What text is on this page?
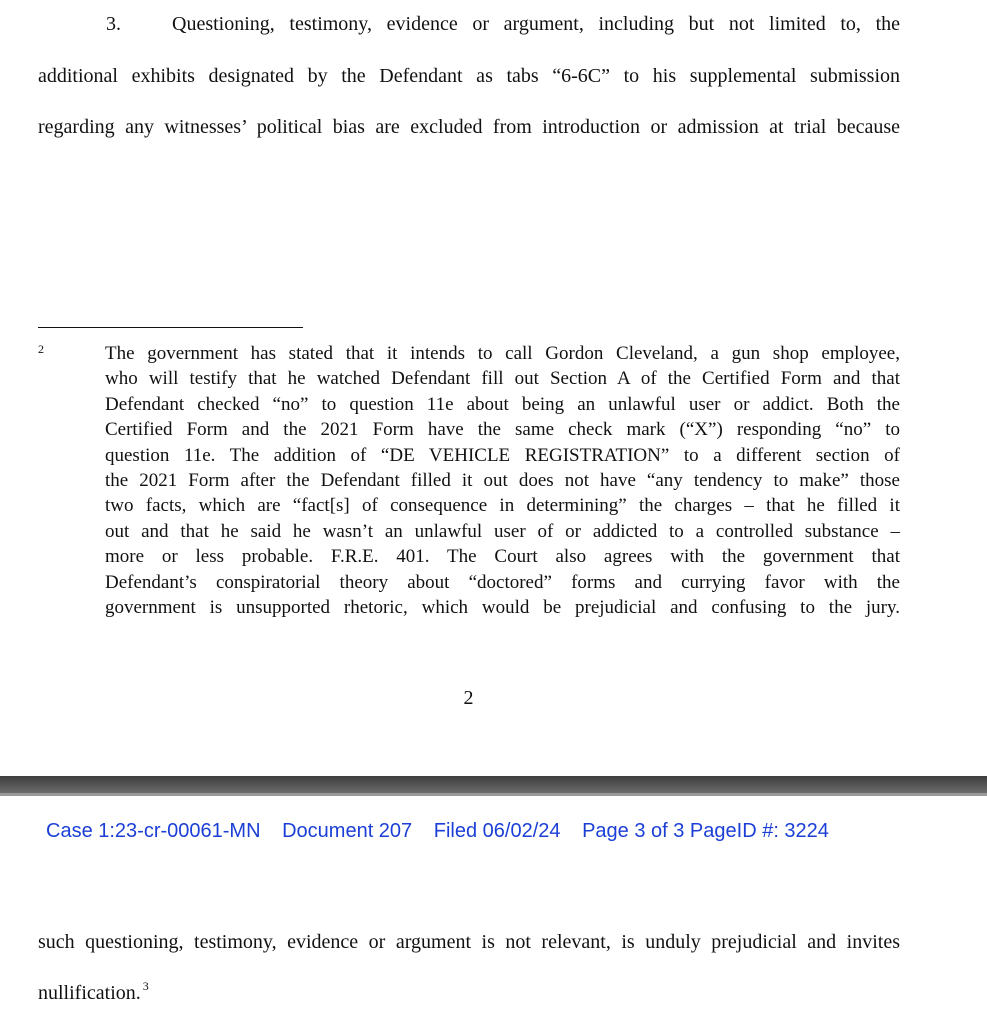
3.	Questioning, testimony, evidence or argument, including but not limited to, the
additional exhibits designated by the Defendant as tabs “6-6C” to his supplemental submission
regarding any witnesses’ political bias are excluded from introduction or admission at trial because
2	The government has stated that it intends to call Gordon Cleveland, a gun shop employee,
who will testify that he watched Defendant fill out Section A of the Certified Form and that
Defendant checked “no” to question 11e about being an unlawful user or addict. Both the
Certified Form and the 2021 Form have the same check mark (“X”) responding “no” to
question 11e. The addition of “DE VEHICLE REGISTRATION” to a different section of
the 2021 Form after the Defendant filled it out does not have “any tendency to make” those
two facts, which are “fact[s] of consequence in determining” the charges – that he filled it
out and that he said he wasn’t an unlawful user of or addicted to a controlled substance –
more or less probable. F.R.E. 401. The Court also agrees with the government that
Defendant’s conspiratorial theory about “doctored” forms and currying favor with the
government is unsupported rhetoric, which would be prejudicial and confusing to the jury.
2
Case 1:23-cr-00061-MN Document 207 Filed 06/02/24 Page 3 of 3 PageID #: 3224
such questioning, testimony, evidence or argument is not relevant, is unduly prejudicial and invites
nullification. $^3$
